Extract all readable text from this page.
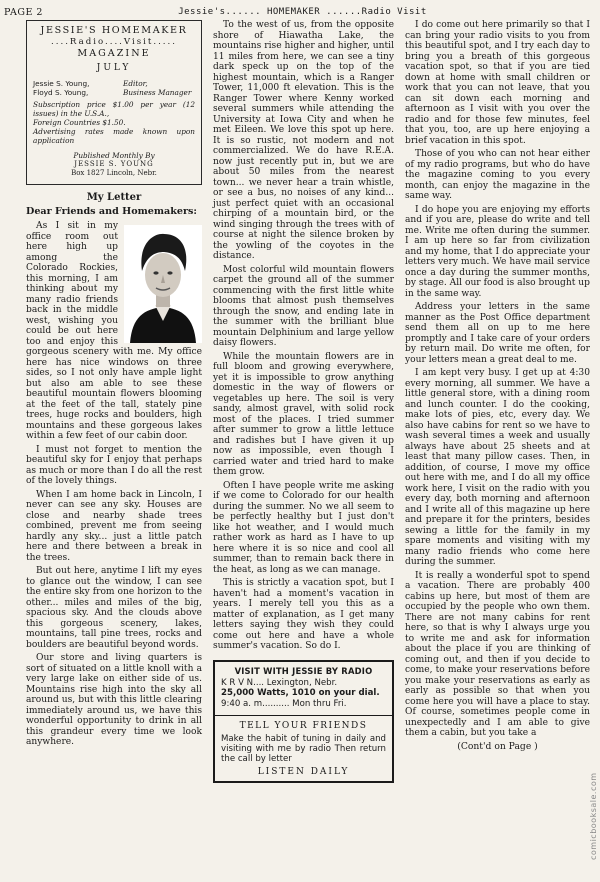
PAGE 2	Jessie's...... HOMEMAKER ......Radio Visit
JESSIE'S HOMEMAKER
....Radio....Visit.....
MAGAZINE
JULY
Jessie S. Young,	Editor,
Floyd S. Young,	Business Manager
Subscription price $1.00 per year (12 issues) in the U.S.A.,
Foreign Countries $1.50.
Advertising rates made known upon application
Published Monthly By
JESSIE S. YOUNG
Box 1827 Lincoln, Nebr.
My Letter
Dear Friends and Homemakers:

As I sit in my office room out here high up among the Colorado Rockies, this morning, I am thinking about my many radio friends back in the middle west, wishing you could be out here too and enjoy this gorgeous scenery with me. My office here has nice windows on three sides, so I not only have ample light but also am able to see these beautiful mountain flowers blooming at the feet of the tall, stately pine trees, huge rocks and boulders, high mountains and these gorgeous lakes within a few feet of our cabin door.

I must not forget to mention the beautiful sky for I enjoy that perhaps as much or more than I do all the rest of the lovely things.

When I am home back in Lincoln, I never can see any sky. Houses are close and nearby shade trees combined, prevent me from seeing hardly any sky... just a little patch here and there between a break in the trees.

But out here, anytime I lift my eyes to glance out the window, I can see the entire sky from one horizon to the other... miles and miles of the big, spacious sky. And the clouds above this gorgeous scenery, lakes, mountains, tall pine trees, rocks and boulders are beautiful beyond words.

Our store and living quarters is sort of situated on a little knoll with a very large lake on either side of us. Mountains rise high into the sky all around us, but with this little clearing immediately around us, we have this wonderful opportunity to drink in all this grandeur every time we look anywhere.

To the west of us, from the opposite shore of Hiawatha Lake, the mountains rise higher and higher, until 11 miles from here, we can see a tiny dark speck up on the top of the highest mountain, which is a Ranger Tower, 11,000 ft elevation. This is the Ranger Tower where Kenny worked several summers while attending the University at Iowa City and when he met Eileen. We love this spot up here. It is so rustic, not modern and not commercialized. We do have R.E.A. now just recently put in, but we are about 50 miles from the nearest town... we never hear a train whistle, or see a bus, no noises of any kind... just perfect quiet with an occasional chirping of a mountain bird, or the wind singing through the trees with of course at night the silence broken by the yowling of the coyotes in the distance.

Most colorful wild mountain flowers carpet the ground all of the summer commencing with the first little white blooms that almost push themselves through the snow, and ending late in the summer with the brilliant blue mountain Delphinium and large yellow daisy flowers.

While the mountain flowers are in full bloom and growing everywhere, yet it is impossible to grow anything domestic in the way of flowers or vegetables up here. The soil is very sandy, almost gravel, with solid rock most of the places. I tried summer after summer to grow a little lettuce and radishes but I have given it up now as impossible, even though I carried water and tried hard to make them grow.

Often I have people write me asking if we come to Colorado for our health during the summer. No we all seem to be perfectly healthy but I just don't like hot weather, and I would much rather work as hard as I have to up here where it is so nice and cool all summer, than to remain back there in the heat, as long as we can manage.

This is strictly a vacation spot, but I haven't had a moment's vacation in years. I merely tell you this as a matter of explanation, as I get many letters saying they wish they could come out here and have a whole summer's vacation. So do I.

VISIT WITH JESSIE BY RADIO
K R V N.... Lexington, Nebr.
25,000 Watts, 1010 on your dial.
9:40 a. m.......... Mon thru Fri.
TELL YOUR FRIENDS
Make the habit of tuning in daily and visiting with me by radio Then return the call by letter
LISTEN DAILY

I do come out here primarily so that I can bring your radio visits to you from this beautiful spot, and I try each day to bring you a breath of this gorgeous vacation spot, so that if you are tied down at home with small children or work that you can not leave, that you can sit down each morning and afternoon as I visit with you over the radio and for those few minutes, feel that you, too, are up here enjoying a brief vacation in this spot.

Those of you who can not hear either of my radio programs, but who do have the magazine coming to you every month, can enjoy the magazine in the same way.

I do hope you are enjoying my efforts and if you are, please do write and tell me. Write me often during the summer. I am up here so far from civilization and my home, that I do appreciate your letters very much. We have mail service once a day during the summer months, by stage. All our food is also brought up in the same way.

Address your letters in the same manner as the Post Office department send them all on up to me here promptly and I take care of your orders by return mail. Do write me often, for your letters mean a great deal to me.

I am kept very busy. I get up at 4:30 every morning, all summer. We have a little general store, with a dining room and lunch counter. I do the cooking, make lots of pies, etc, every day. We also have cabins for rent so we have to wash several times a week and usually always have about 25 sheets and at least that many pillow cases. Then, in addition, of course, I move my office out here with me, and I do all my office work here, I visit on the radio with you every day, both morning and afternoon and I write all of this magazine up here and prepare it for the printers, besides sewing a little for the family in my spare moments and visiting with my many radio friends who come here during the summer.

It is really a wonderful spot to spend a vacation. There are probably 400 cabins up here, but most of them are occupied by the people who own them. There are not many cabins for rent here, so that is why I always urge you to write me and ask for information about the place if you are thinking of coming out, and then if you decide to come, to make your reservations before you make your reservations as early as early as possible so that when you come here you will have a place to stay. Of course, sometimes people come in unexpectedly and I am able to give them a cabin, but you take a

(Cont'd on Page )
comicbooksale.com
